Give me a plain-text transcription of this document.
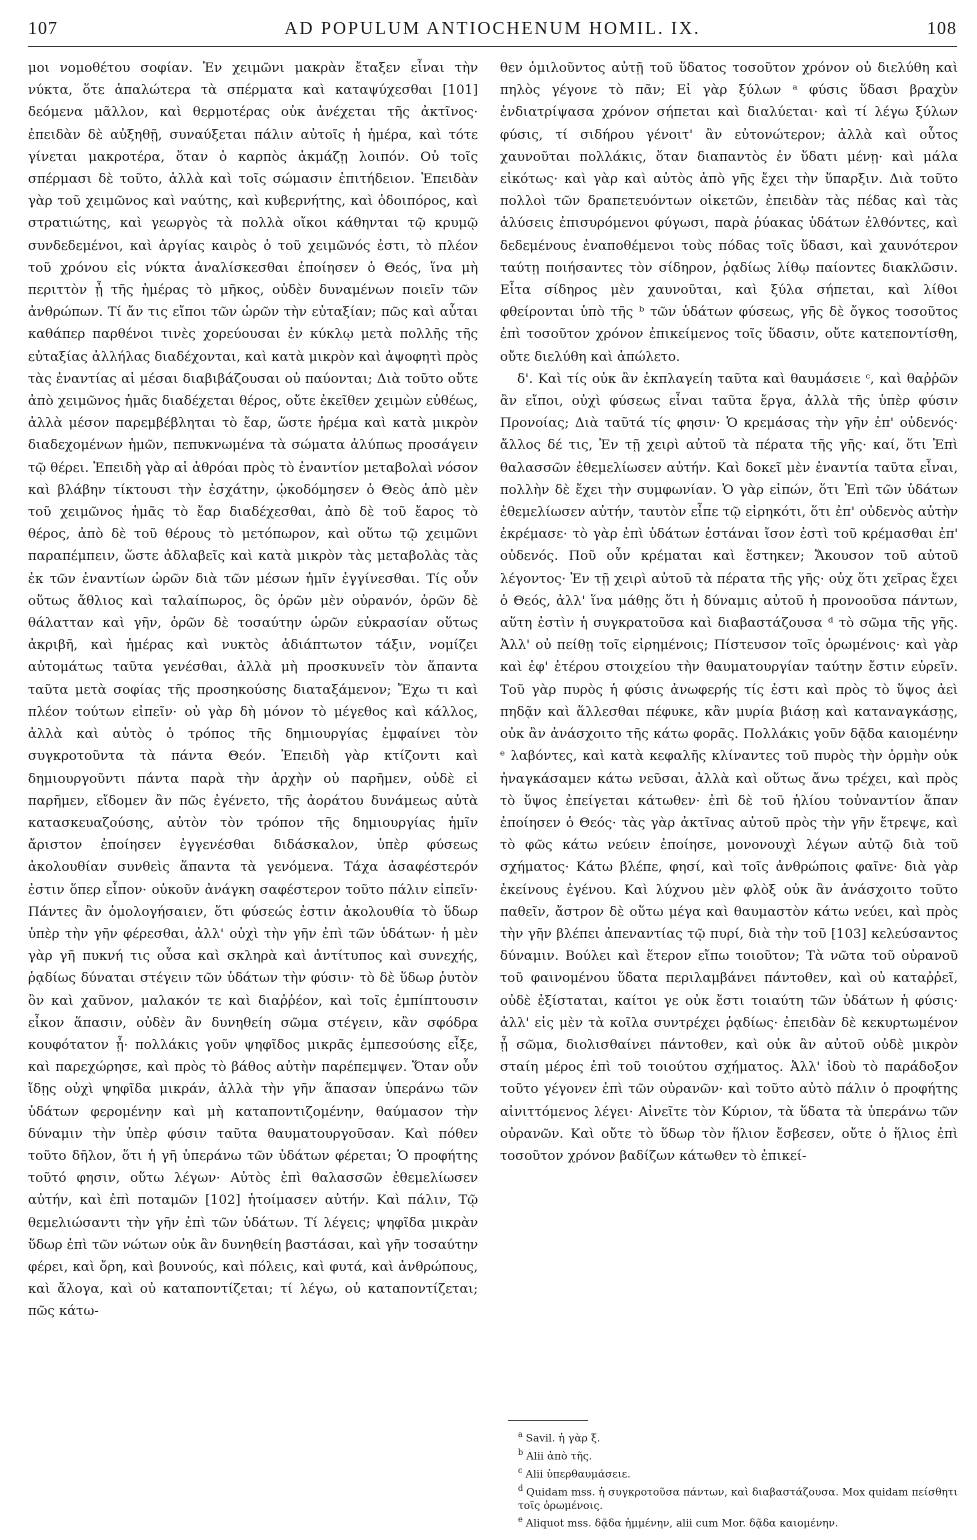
107	AD POPULUM ANTIOCHENUM HOMIL. IX.	108

μοι νομοθέτου σοφίαν. Ἐν χειμῶνι μακρὰν ἔταξεν εἶναι τὴν νύκτα, ὅτε ἁπαλώτερα τὰ σπέρματα καὶ καταψύχεσθαι [101] δεόμενα μᾶλλον, καὶ θερμοτέρας οὐκ ἀνέχεται τῆς ἀκτῖνος· ἐπειδὰν δὲ αὐξηθῇ, συναύξεται πάλιν αὐτοῖς ἡ ἡμέρα, καὶ τότε γίνεται μακροτέρα, ὅταν ὁ καρπὸς ἀκμάζῃ λοιπόν. Οὐ τοῖς σπέρμασι δὲ τοῦτο, ἀλλὰ καὶ τοῖς σώμασιν ἐπιτήδειον. Ἐπειδὰν γὰρ τοῦ χειμῶνος καὶ ναύτης, καὶ κυβερνήτης, καὶ ὁδοιπόρος, καὶ στρατιώτης, καὶ γεωργὸς τὰ πολλὰ οἴκοι κάθηνται τῷ κρυμῷ συνδεδεμένοι, καὶ ἀργίας καιρὸς ὁ τοῦ χειμῶνός ἐστι, τὸ πλέον τοῦ χρόνου εἰς νύκτα ἀναλίσκεσθαι ἐποίησεν ὁ Θεός, ἵνα μὴ περιττὸν ᾖ τῆς ἡμέρας τὸ μῆκος, οὐδὲν δυναμένων ποιεῖν τῶν ἀνθρώπων. Τί ἄν τις εἴποι τῶν ὡρῶν τὴν εὐταξίαν; πῶς καὶ αὗται καθάπερ παρθένοι τινὲς χορεύουσαι ἐν κύκλῳ μετὰ πολλῆς τῆς εὐταξίας ἀλλήλας διαδέχονται, καὶ κατὰ μικρὸν καὶ ἀψοφητὶ πρὸς τὰς ἐναντίας αἱ μέσαι διαβιβάζουσαι οὐ παύονται; Διὰ τοῦτο οὔτε ἀπὸ χειμῶνος ἡμᾶς διαδέχεται θέρος, οὔτε ἐκεῖθεν χειμὼν εὐθέως, ἀλλὰ μέσον παρεμβέβληται τὸ ἔαρ, ὥστε ἠρέμα καὶ κατὰ μικρὸν διαδεχομένων ἡμῶν, πεπυκνωμένα τὰ σώματα ἀλύπως προσάγειν τῷ θέρει. Ἐπειδὴ γὰρ αἱ ἀθρόαι πρὸς τὸ ἐναντίον μεταβολαὶ νόσον καὶ βλάβην τίκτουσι τὴν ἐσχάτην, ᾠκοδόμησεν ὁ Θεὸς ἀπὸ μὲν τοῦ χειμῶνος ἡμᾶς τὸ ἔαρ διαδέχεσθαι, ἀπὸ δὲ τοῦ ἔαρος τὸ θέρος, ἀπὸ δὲ τοῦ θέρους τὸ μετόπωρον, καὶ οὕτω τῷ χειμῶνι παραπέμπειν, ὥστε ἀδλαβεῖς καὶ κατὰ μικρὸν τὰς μεταβολὰς τὰς ἐκ τῶν ἐναντίων ὡρῶν διὰ τῶν μέσων ἡμῖν ἐγγίνεσθαι. Τίς οὖν οὕτως ἄθλιος καὶ ταλαίπωρος, ὃς ὁρῶν μὲν οὐρανόν, ὁρῶν δὲ θάλατταν καὶ γῆν, ὁρῶν δὲ τοσαύτην ὡρῶν εὐκρασίαν οὕτως ἀκριβῆ, καὶ ἡμέρας καὶ νυκτὸς ἀδιάπτωτον τάξιν, νομίζει αὐτομάτως ταῦτα γενέσθαι, ἀλλὰ μὴ προσκυνεῖν τὸν ἅπαντα ταῦτα μετὰ σοφίας τῆς προσηκούσης διαταξάμενον; Ἔχω τι καὶ πλέον τούτων εἰπεῖν· οὐ γὰρ δὴ μόνον τὸ μέγεθος καὶ κάλλος, ἀλλὰ καὶ αὐτὸς ὁ τρόπος τῆς δημιουργίας ἐμφαίνει τὸν συγκροτοῦντα τὰ πάντα Θεόν. Ἐπειδὴ γὰρ κτίζοντι καὶ δημιουργοῦντι πάντα παρὰ τὴν ἀρχὴν οὐ παρῆμεν, οὐδὲ εἰ παρῆμεν, εἴδομεν ἂν πῶς ἐγένετο, τῆς ἀοράτου δυνάμεως αὐτὰ κατασκευαζούσης, αὐτὸν τὸν τρόπον τῆς δημιουργίας ἡμῖν ἄριστον ἐποίησεν ἐγγενέσθαι διδάσκαλον, ὑπὲρ φύσεως ἀκολουθίαν συνθεὶς ἅπαντα τὰ γενόμενα. Τάχα ἀσαφέστερόν ἐστιν ὅπερ εἶπον· οὐκοῦν ἀνάγκη σαφέστερον τοῦτο πάλιν εἰπεῖν· Πάντες ἂν ὁμολογήσαιεν, ὅτι φύσεώς ἐστιν ἀκολουθία τὸ ὕδωρ ὑπὲρ τὴν γῆν φέρεσθαι, ἀλλ' οὐχὶ τὴν γῆν ἐπὶ τῶν ὑδάτων· ἡ μὲν γὰρ γῆ πυκνή τις οὖσα καὶ σκληρὰ καὶ ἀντίτυπος καὶ συνεχής, ῥᾳδίως δύναται στέγειν τῶν ὑδάτων τὴν φύσιν· τὸ δὲ ὕδωρ ῥυτὸν ὂν καὶ χαῦνον, μαλακόν τε καὶ διαῤῥέον, καὶ τοῖς ἐμπίπτουσιν εἶκον ἅπασιν, οὐδὲν ἂν δυνηθείη σῶμα στέγειν, κἂν σφόδρα κουφότατον ᾖ· πολλάκις γοῦν ψηφῖδος μικρᾶς ἐμπεσούσης εἶξε, καὶ παρεχώρησε, καὶ πρὸς τὸ βάθος αὐτὴν παρέπεμψεν. Ὅταν οὖν ἴδῃς οὐχὶ ψηφῖδα μικράν, ἀλλὰ τὴν γῆν ἅπασαν ὑπεράνω τῶν ὑδάτων φερομένην καὶ μὴ καταποντιζομένην, θαύμασον τὴν δύναμιν τὴν ὑπὲρ φύσιν ταῦτα θαυματουργοῦσαν. Καὶ πόθεν τοῦτο δῆλον, ὅτι ἡ γῆ ὑπεράνω τῶν ὑδάτων φέρεται; Ὁ προφήτης τοῦτό φησιν, οὕτω λέγων· Αὐτὸς ἐπὶ θαλασσῶν ἐθεμελίωσεν αὐτήν, καὶ ἐπὶ ποταμῶν [102] ἡτοίμασεν αὐτήν. Καὶ πάλιν, Τῷ θεμελιώσαντι τὴν γῆν ἐπὶ τῶν ὑδάτων. Τί λέγεις; ψηφῖδα μικρὰν ὕδωρ ἐπὶ τῶν νώτων οὐκ ἂν δυνηθείη βαστάσαι, καὶ γῆν τοσαύτην φέρει, καὶ ὄρη, καὶ βουνούς, καὶ πόλεις, καὶ φυτά, καὶ ἀνθρώπους, καὶ ἄλογα, καὶ οὐ καταποντίζεται; τί λέγω, οὐ καταποντίζεται; πῶς κάτω-

θεν ὁμιλοῦντος αὐτῇ τοῦ ὕδατος τοσοῦτον χρόνον οὐ διελύθη καὶ πηλὸς γέγονε τὸ πᾶν; Εἰ γὰρ ξύλων ᵃ φύσις ὕδασι βραχὺν ἐνδιατρίψασα χρόνον σήπεται καὶ διαλύεται· καὶ τί λέγω ξύλων φύσις, τί σιδήρου γένοιτ' ἂν εὐτονώτερον; ἀλλὰ καὶ οὗτος χαυνοῦται πολλάκις, ὅταν διαπαντὸς ἐν ὕδατι μένῃ· καὶ μάλα εἰκότως· καὶ γὰρ καὶ αὐτὸς ἀπὸ γῆς ἔχει τὴν ὕπαρξιν. Διὰ τοῦτο πολλοὶ τῶν δραπετευόντων οἰκετῶν, ἐπειδὰν τὰς πέδας καὶ τὰς ἁλύσεις ἐπισυρόμενοι φύγωσι, παρὰ ῥύακας ὑδάτων ἐλθόντες, καὶ δεδεμένους ἐναποθέμενοι τοὺς πόδας τοῖς ὕδασι, καὶ χαυνότερον ταύτῃ ποιήσαντες τὸν σίδηρον, ῥᾳδίως λίθῳ παίοντες διακλῶσιν. Εἶτα σίδηρος μὲν χαυνοῦται, καὶ ξύλα σήπεται, καὶ λίθοι φθείρονται ὑπὸ τῆς ᵇ τῶν ὑδάτων φύσεως, γῆς δὲ ὄγκος τοσοῦτος ἐπὶ τοσοῦτον χρόνον ἐπικείμενος τοῖς ὕδασιν, οὔτε κατεποντίσθη, οὔτε διελύθη καὶ ἀπώλετο.

δ'. Καὶ τίς οὐκ ἂν ἐκπλαγείη ταῦτα καὶ θαυμάσειε ᶜ, καὶ θαῤῥῶν ἂν εἴποι, οὐχὶ φύσεως εἶναι ταῦτα ἔργα, ἀλλὰ τῆς ὑπὲρ φύσιν Προνοίας; Διὰ ταῦτά τίς φησιν· Ὁ κρεμάσας τὴν γῆν ἐπ' οὐδενός· ἄλλος δέ τις, Ἐν τῇ χειρὶ αὐτοῦ τὰ πέρατα τῆς γῆς· καί, ὅτι Ἐπὶ θαλασσῶν ἐθεμελίωσεν αὐτήν. Καὶ δοκεῖ μὲν ἐναντία ταῦτα εἶναι, πολλὴν δὲ ἔχει τὴν συμφωνίαν. Ὁ γὰρ εἰπών, ὅτι Ἐπὶ τῶν ὑδάτων ἐθεμελίωσεν αὐτήν, ταυτὸν εἶπε τῷ εἰρηκότι, ὅτι ἐπ' οὐδενὸς αὐτὴν ἐκρέμασε· τὸ γὰρ ἐπὶ ὑδάτων ἑστάναι ἴσον ἐστὶ τοῦ κρέμασθαι ἐπ' οὐδενός. Ποῦ οὖν κρέμαται καὶ ἕστηκεν; Ἄκουσον τοῦ αὐτοῦ λέγοντος· Ἐν τῇ χειρὶ αὐτοῦ τὰ πέρατα τῆς γῆς· οὐχ ὅτι χεῖρας ἔχει ὁ Θεός, ἀλλ' ἵνα μάθῃς ὅτι ἡ δύναμις αὐτοῦ ἡ προνοοῦσα πάντων, αὕτη ἐστὶν ἡ συγκρατοῦσα καὶ διαβαστάζουσα ᵈ τὸ σῶμα τῆς γῆς. Ἀλλ' οὐ πείθῃ τοῖς εἰρημένοις; Πίστευσον τοῖς ὁρωμένοις· καὶ γὰρ καὶ ἐφ' ἑτέρου στοιχείου τὴν θαυματουργίαν ταύτην ἔστιν εὑρεῖν. Τοῦ γὰρ πυρὸς ἡ φύσις ἀνωφερής τίς ἐστι καὶ πρὸς τὸ ὕψος ἀεὶ πηδᾷν καὶ ἅλλεσθαι πέφυκε, κἂν μυρία βιάσῃ καὶ καταναγκάσῃς, οὐκ ἂν ἀνάσχοιτο τῆς κάτω φορᾶς. Πολλάκις γοῦν δᾷδα καιομένην ᵉ λαβόντες, καὶ κατὰ κεφαλῆς κλίναντες τοῦ πυρὸς τὴν ὁρμὴν οὐκ ἠναγκάσαμεν κάτω νεῦσαι, ἀλλὰ καὶ οὕτως ἄνω τρέχει, καὶ πρὸς τὸ ὕψος ἐπείγεται κάτωθεν· ἐπὶ δὲ τοῦ ἡλίου τοὐναντίον ἅπαν ἐποίησεν ὁ Θεός· τὰς γὰρ ἀκτῖνας αὐτοῦ πρὸς τὴν γῆν ἔτρεψε, καὶ τὸ φῶς κάτω νεύειν ἐποίησε, μονονουχὶ λέγων αὐτῷ διὰ τοῦ σχήματος· Κάτω βλέπε, φησί, καὶ τοῖς ἀνθρώποις φαῖνε· διὰ γὰρ ἐκείνους ἐγένου. Καὶ λύχνου μὲν φλὸξ οὐκ ἂν ἀνάσχοιτο τοῦτο παθεῖν, ἄστρον δὲ οὕτω μέγα καὶ θαυμαστὸν κάτω νεύει, καὶ πρὸς τὴν γῆν βλέπει ἀπεναντίας τῷ πυρί, διὰ τὴν τοῦ [103] κελεύσαντος δύναμιν. Βούλει καὶ ἕτερον εἴπω τοιοῦτον; Τὰ νῶτα τοῦ οὐρανοῦ τοῦ φαινομένου ὕδατα περιλαμβάνει πάντοθεν, καὶ οὐ καταῤῥεῖ, οὐδὲ ἐξίσταται, καίτοι γε οὐκ ἔστι τοιαύτη τῶν ὑδάτων ἡ φύσις· ἀλλ' εἰς μὲν τὰ κοῖλα συντρέχει ῥᾳδίως· ἐπειδὰν δὲ κεκυρτωμένον ᾖ σῶμα, διολισθαίνει πάντοθεν, καὶ οὐκ ἂν αὐτοῦ οὐδὲ μικρὸν σταίη μέρος ἐπὶ τοῦ τοιούτου σχήματος. Ἀλλ' ἰδοὺ τὸ παράδοξον τοῦτο γέγονεν ἐπὶ τῶν οὐρανῶν· καὶ τοῦτο αὐτὸ πάλιν ὁ προφήτης αἰνιττόμενος λέγει· Αἰνεῖτε τὸν Κύριον, τὰ ὕδατα τὰ ὑπεράνω τῶν οὐρανῶν. Καὶ οὔτε τὸ ὕδωρ τὸν ἥλιον ἔσβεσεν, οὔτε ὁ ἥλιος ἐπὶ τοσοῦτον χρόνον βαδίζων κάτωθεν τὸ ἐπικεί-

$^a$ Savil. ἡ γὰρ ξ.

$^b$ Alii ἀπὸ τῆς.

$^c$ Alii ὑπερθαυμάσειε.

$^d$ Quidam mss. ἡ συγκροτοῦσα πάντων, καὶ διαβαστάζουσα. Mox quidam πείσθητι τοῖς ὁρωμένοις.

$^e$ Aliquot mss. δᾷδα ἡμμένην, alii cum Mor. δᾷδα καιομένην.
